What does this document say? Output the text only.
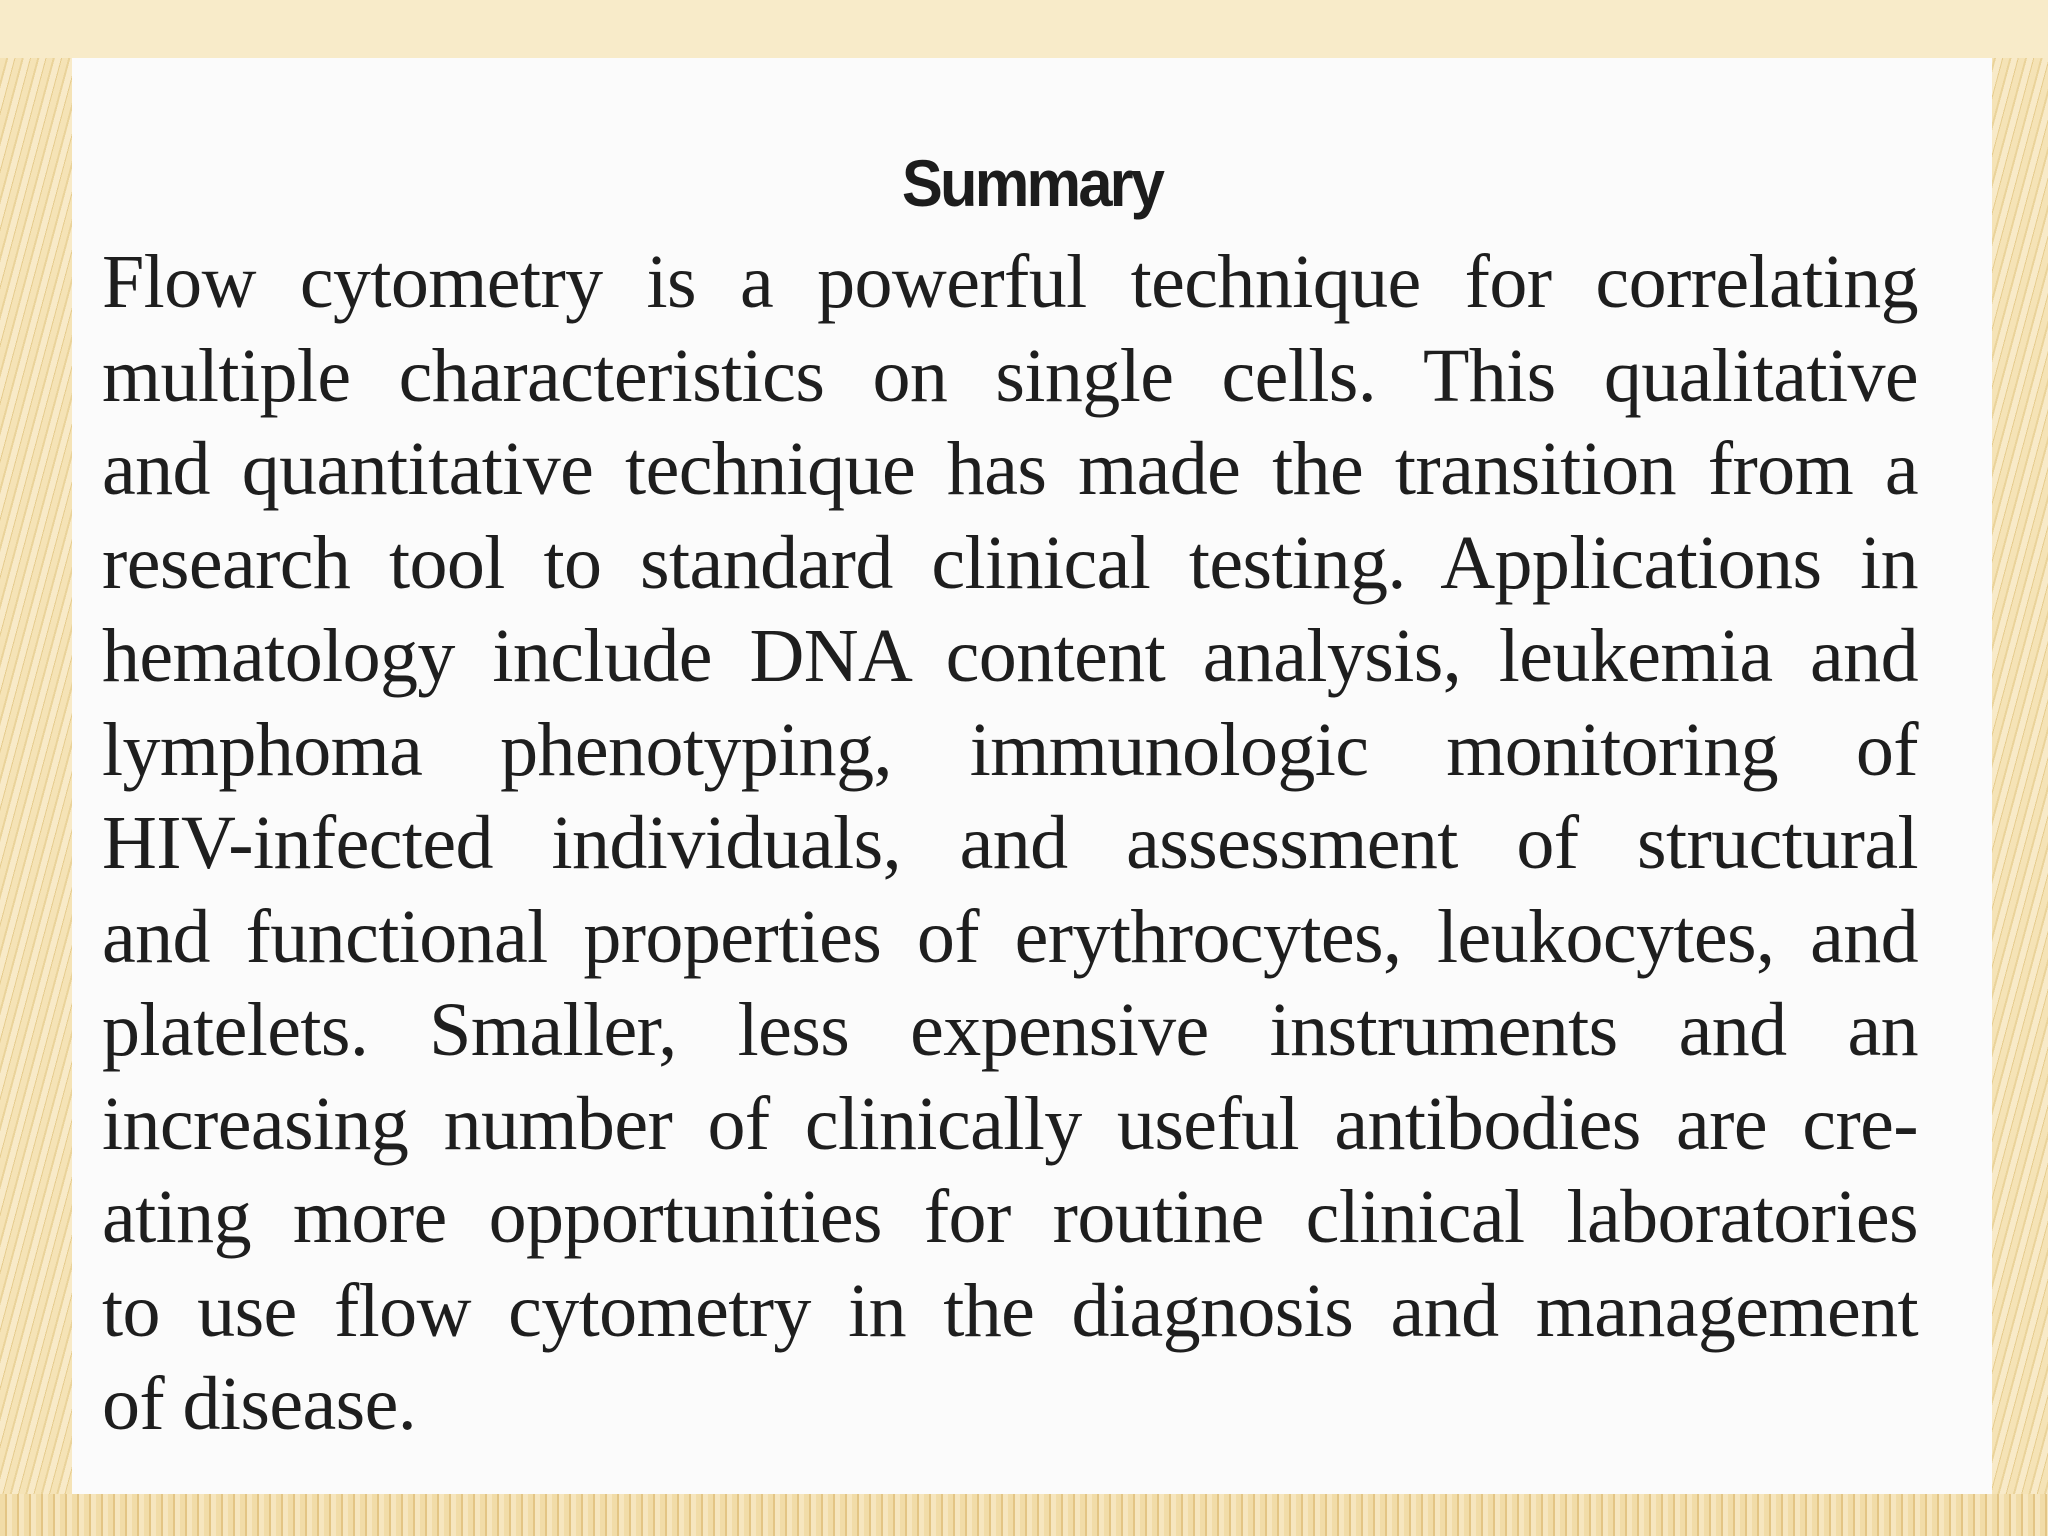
Summary
Flow cytometry is a powerful technique for correlating
multiple characteristics on single cells. This qualitative
and quantitative technique has made the transition from a
research tool to standard clinical testing. Applications in
hematology include DNA content analysis, leukemia and
lymphoma phenotyping, immunologic monitoring of
HIV-infected individuals, and assessment of structural
and functional properties of erythrocytes, leukocytes, and
platelets. Smaller, less expensive instruments and an
increasing number of clinically useful antibodies are cre-
ating more opportunities for routine clinical laboratories
to use flow cytometry in the diagnosis and management
of disease.
